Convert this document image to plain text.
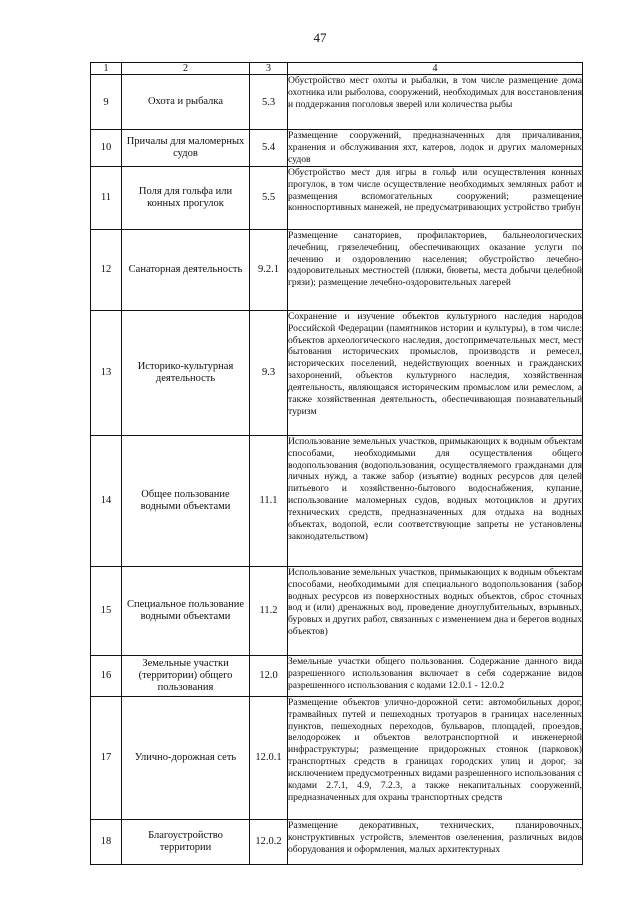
47
1	2	3	4
9	Охота и рыбалка	5.3	Обустройство мест охоты и рыбалки, в том числе размещение дома охотника или рыболова, сооружений, необходимых для восстановления и поддержания поголовья зверей или количества рыбы
10	Причалы для маломерных судов	5.4	Размещение сооружений, предназначенных для причаливания, хранения и обслуживания яхт, катеров, лодок и других маломерных судов
11	Поля для гольфа или конных прогулок	5.5	Обустройство мест для игры в гольф или осуществления конных прогулок, в том числе осуществление необходимых земляных работ и размещения вспомогательных сооружений; размещение конноспортивных манежей, не предусматривающих устройство трибун
12	Санаторная деятельность	9.2.1	Размещение санаториев, профилакториев, бальнеологических лечебниц, грязелечебниц, обеспечивающих оказание услуги по лечению и оздоровлению населения; обустройство лечебно-оздоровительных местностей (пляжи, бюветы, места добычи целебной грязи); размещение лечебно-оздоровительных лагерей
13	Историко-культурная деятельность	9.3	Сохранение и изучение объектов культурного наследия народов Российской Федерации (памятников истории и культуры), в том числе: объектов археологического наследия, достопримечательных мест, мест бытования исторических промыслов, производств и ремесел, исторических поселений, недействующих военных и гражданских захоронений, объектов культурного наследия, хозяйственная деятельность, являющаяся историческим промыслом или ремеслом, а также хозяйственная деятельность, обеспечивающая познавательный туризм
14	Общее пользование водными объектами	11.1	Использование земельных участков, примыкающих к водным объектам способами, необходимыми для осуществления общего водопользования (водопользования, осуществляемого гражданами для личных нужд, а также забор (изъятие) водных ресурсов для целей питьевого и хозяйственно-бытового водоснабжения, купание, использование маломерных судов, водных мотоциклов и других технических средств, предназначенных для отдыха на водных объектах, водопой, если соответствующие запреты не установлены законодательством)
15	Специальное пользование водными объектами	11.2	Использование земельных участков, примыкающих к водным объектам способами, необходимыми для специального водопользования (забор водных ресурсов из поверхностных водных объектов, сброс сточных вод и (или) дренажных вод, проведение дноуглубительных, взрывных, буровых и других работ, связанных с изменением дна и берегов водных объектов)
16	Земельные участки (территории) общего пользования	12.0	Земельные участки общего пользования. Содержание данного вида разрешенного использования включает в себя содержание видов разрешенного использования с кодами 12.0.1 - 12.0.2
17	Улично-дорожная сеть	12.0.1	Размещение объектов улично-дорожной сети: автомобильных дорог, трамвайных путей и пешеходных тротуаров в границах населенных пунктов, пешеходных переходов, бульваров, площадей, проездов, велодорожек и объектов велотранспортной и инженерной инфраструктуры; размещение придорожных стоянок (парковок) транспортных средств в границах городских улиц и дорог, за исключением предусмотренных видами разрешенного использования с кодами 2.7.1, 4.9, 7.2.3, а также некапитальных сооружений, предназначенных для охраны транспортных средств
18	Благоустройство территории	12.0.2	Размещение декоративных, технических, планировочных, конструктивных устройств, элементов озеленения, различных видов оборудования и оформления, малых архитектурных
